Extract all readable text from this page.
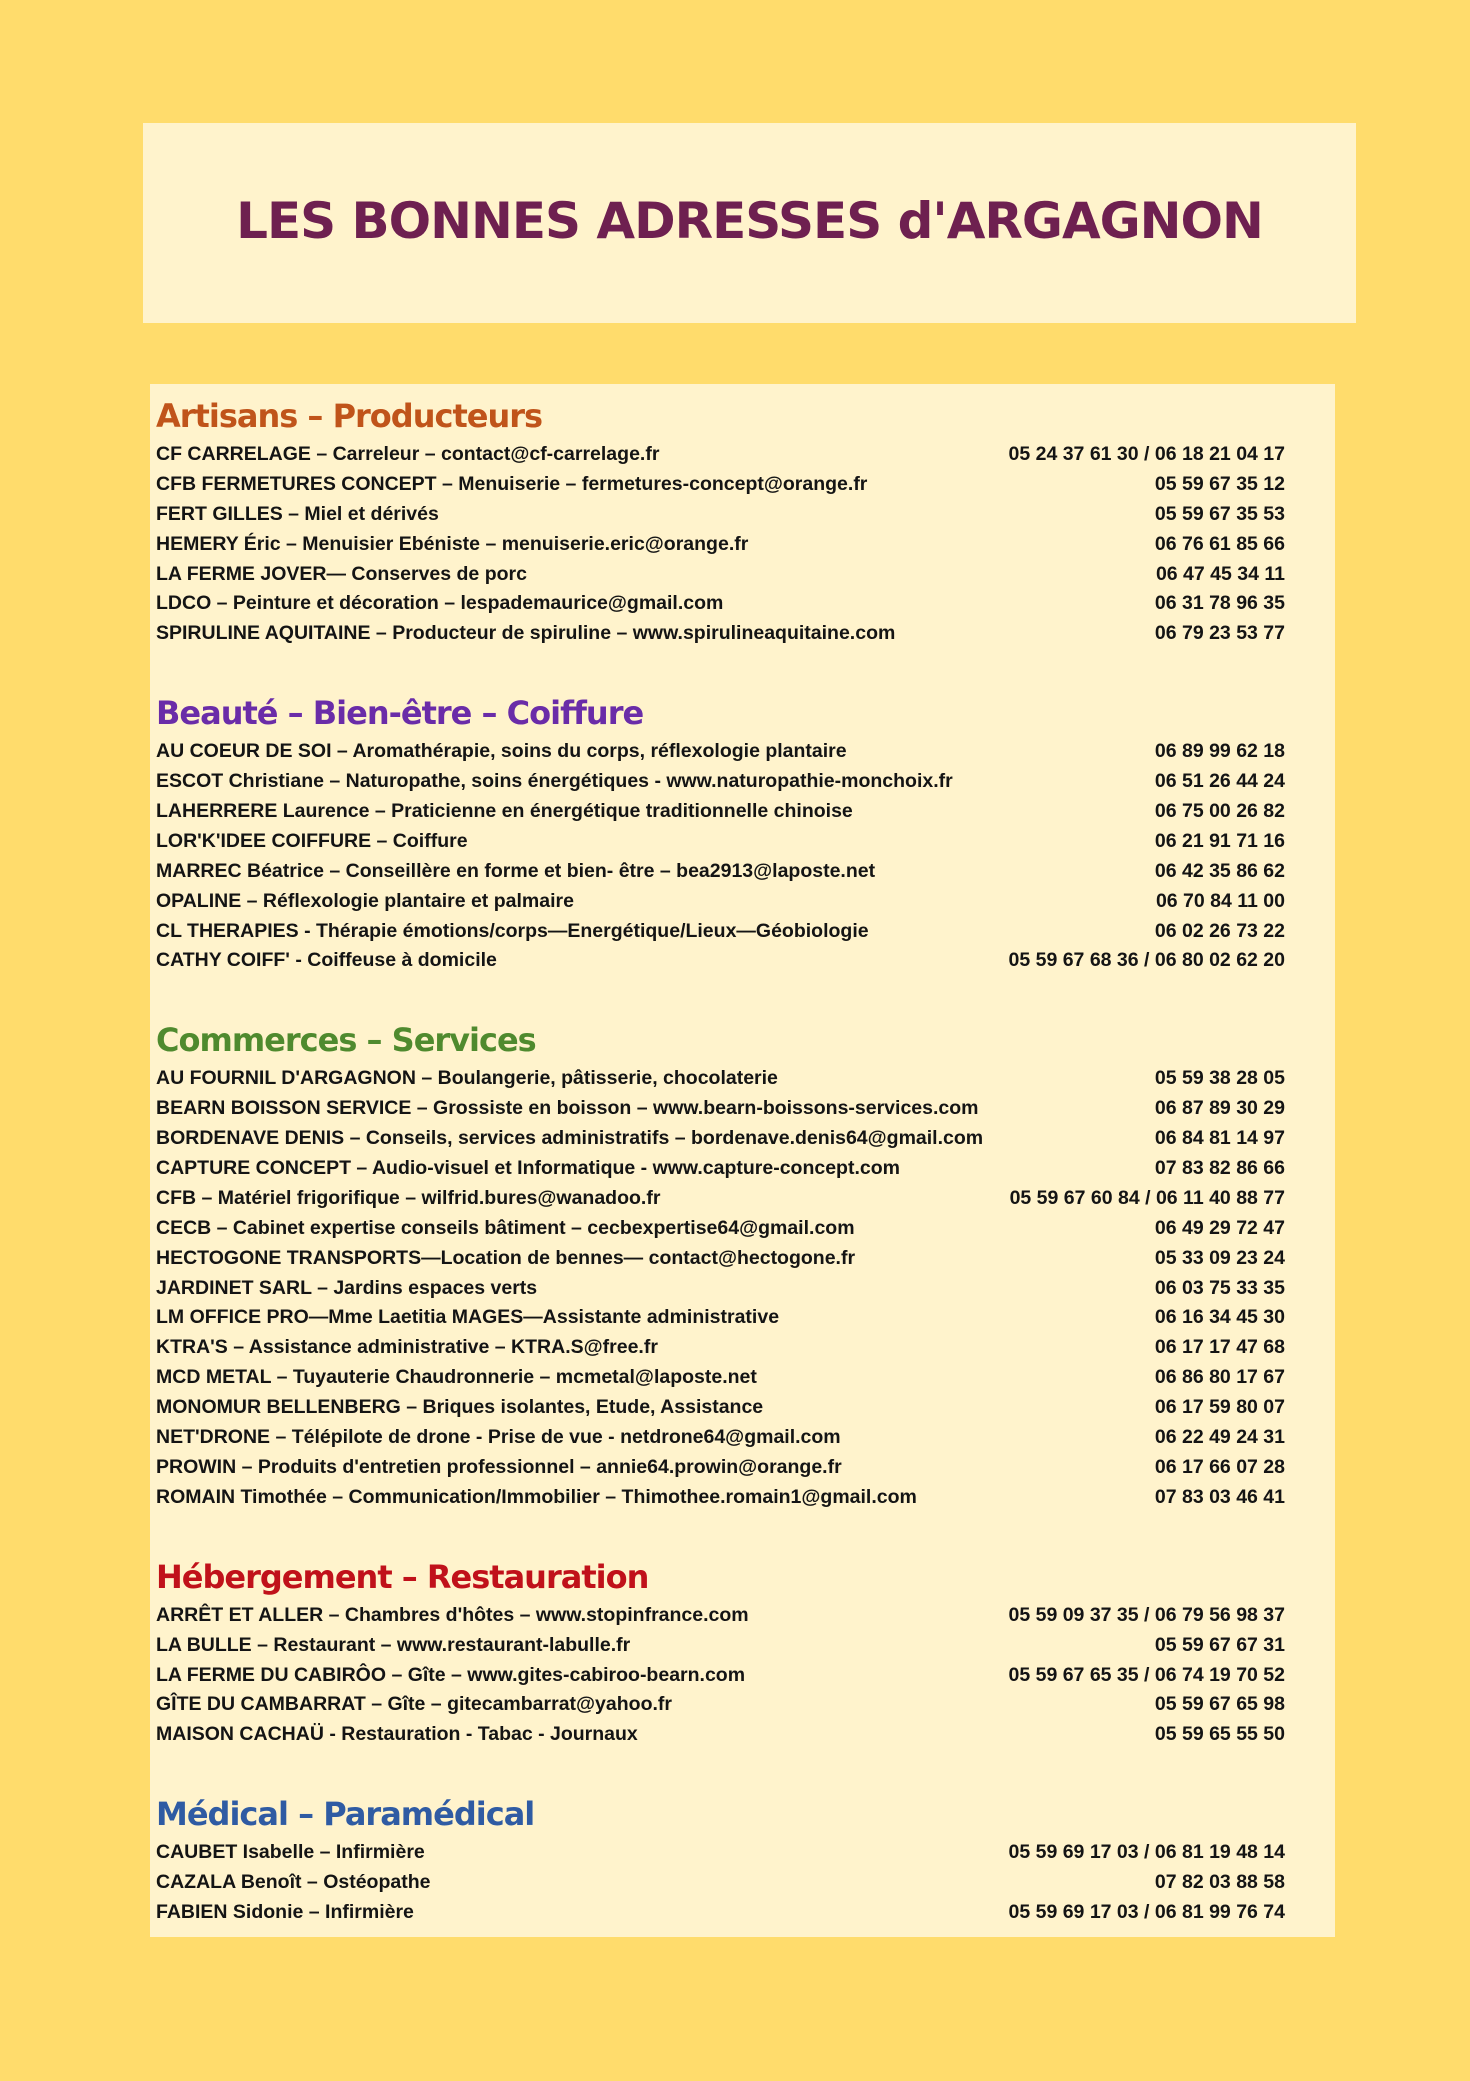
LES BONNES ADRESSES d'ARGAGNON
Artisans – Producteurs
CF CARRELAGE – Carreleur – contact@cf-carrelage.fr	05 24 37 61 30 / 06 18 21 04 17
CFB FERMETURES CONCEPT – Menuiserie – fermetures-concept@orange.fr	05 59 67 35 12
FERT GILLES – Miel et dérivés	05 59 67 35 53
HEMERY Éric – Menuisier Ebéniste – menuiserie.eric@orange.fr	06 76 61 85 66
LA FERME JOVER— Conserves de porc	06 47 45 34 11
LDCO – Peinture et décoration – lespademaurice@gmail.com	06 31 78 96 35
SPIRULINE AQUITAINE – Producteur de spiruline – www.spirulineaquitaine.com	06 79 23 53 77
Beauté – Bien-être – Coiffure
AU COEUR DE SOI – Aromathérapie, soins du corps, réflexologie plantaire	06 89 99 62 18
ESCOT Christiane – Naturopathe, soins énergétiques - www.naturopathie-monchoix.fr	06 51 26 44 24
LAHERRERE Laurence – Praticienne en énergétique traditionnelle chinoise	06 75 00 26 82
LOR'K'IDEE COIFFURE – Coiffure	06 21 91 71 16
MARREC Béatrice – Conseillère en forme et bien- être – bea2913@laposte.net	06 42 35 86 62
OPALINE – Réflexologie plantaire et palmaire	06 70 84 11 00
CL THERAPIES - Thérapie émotions/corps—Energétique/Lieux—Géobiologie	06 02 26 73 22
CATHY COIFF' - Coiffeuse à domicile	05 59 67 68 36 / 06 80 02 62 20
Commerces – Services
AU FOURNIL D'ARGAGNON – Boulangerie, pâtisserie, chocolaterie	05 59 38 28 05
BEARN BOISSON SERVICE – Grossiste en boisson – www.bearn-boissons-services.com	06 87 89 30 29
BORDENAVE DENIS – Conseils, services administratifs – bordenave.denis64@gmail.com	06 84 81 14 97
CAPTURE CONCEPT – Audio-visuel et Informatique - www.capture-concept.com	07 83 82 86 66
CFB – Matériel frigorifique – wilfrid.bures@wanadoo.fr	05 59 67 60 84 / 06 11 40 88 77
CECB – Cabinet expertise conseils bâtiment – cecbexpertise64@gmail.com	06 49 29 72 47
HECTOGONE TRANSPORTS—Location de bennes— contact@hectogone.fr	05 33 09 23 24
JARDINET SARL – Jardins espaces verts	06 03 75 33 35
LM OFFICE PRO—Mme Laetitia MAGES—Assistante administrative	06 16 34 45 30
KTRA'S – Assistance administrative – KTRA.S@free.fr	06 17 17 47 68
MCD METAL – Tuyauterie Chaudronnerie – mcmetal@laposte.net	06 86 80 17 67
MONOMUR BELLENBERG – Briques isolantes, Etude, Assistance	06 17 59 80 07
NET'DRONE – Télépilote de drone - Prise de vue - netdrone64@gmail.com	06 22 49 24 31
PROWIN – Produits d'entretien professionnel – annie64.prowin@orange.fr	06 17 66 07 28
ROMAIN Timothée – Communication/Immobilier – Thimothee.romain1@gmail.com	07 83 03 46 41
Hébergement – Restauration
ARRÊT ET ALLER – Chambres d'hôtes – www.stopinfrance.com	05 59 09 37 35 / 06 79 56 98 37
LA BULLE – Restaurant – www.restaurant-labulle.fr	05 59 67 67 31
LA FERME DU CABIRÔO – Gîte – www.gites-cabiroo-bearn.com	05 59 67 65 35 / 06 74 19 70 52
GÎTE DU CAMBARRAT – Gîte – gitecambarrat@yahoo.fr	05 59 67 65 98
MAISON CACHAÜ - Restauration - Tabac - Journaux	05 59 65 55 50
Médical – Paramédical
CAUBET Isabelle – Infirmière	05 59 69 17 03 / 06 81 19 48 14
CAZALA Benoît – Ostéopathe	07 82 03 88 58
FABIEN Sidonie – Infirmière	05 59 69 17 03 / 06 81 99 76 74
